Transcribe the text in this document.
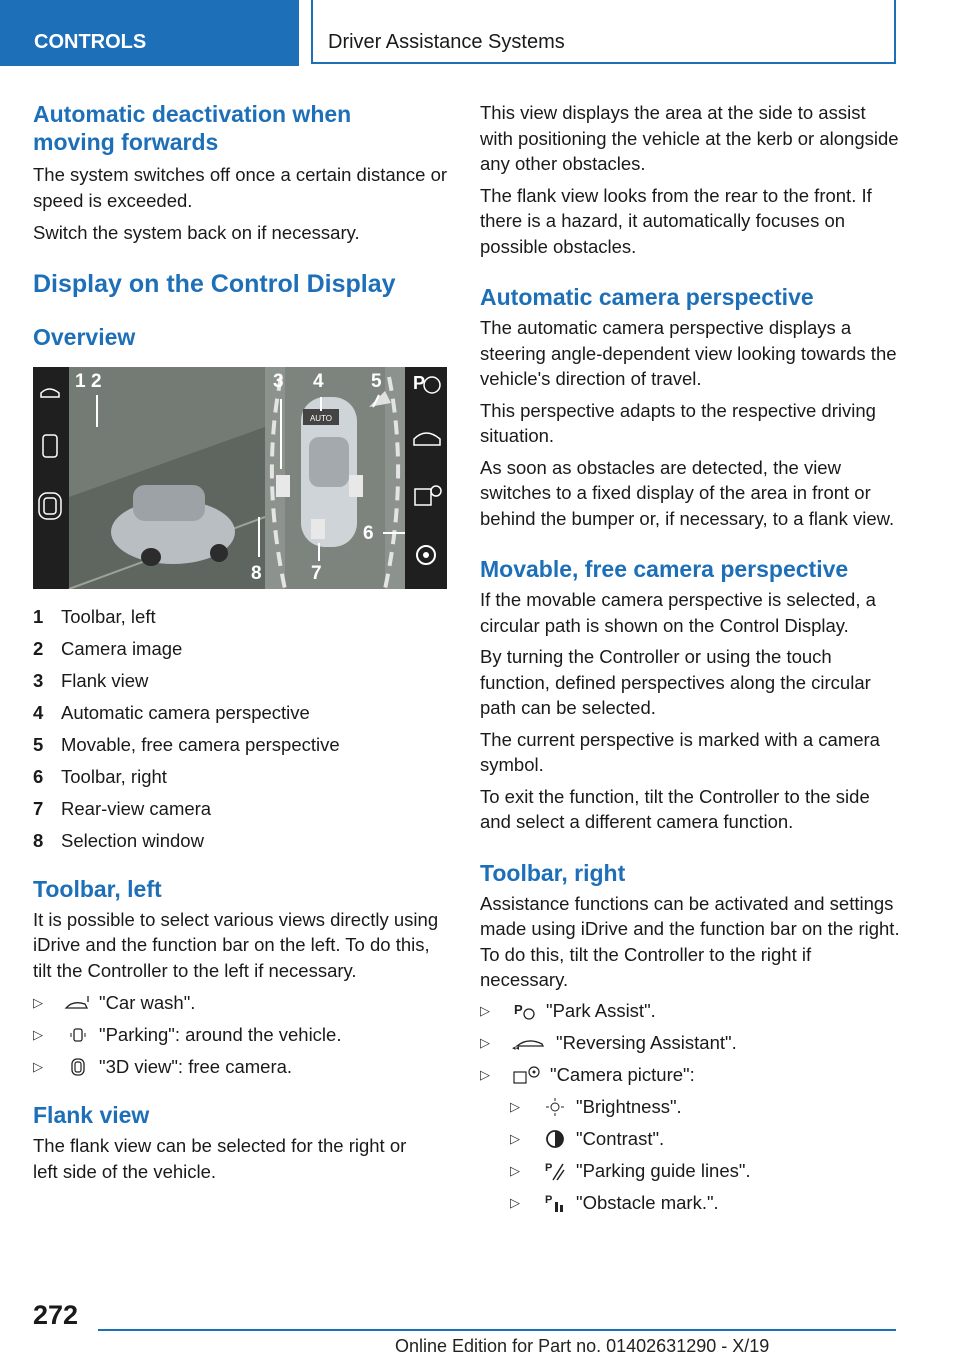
CONTROLS	Driver Assistance Systems
Automatic deactivation when moving forwards

The system switches off once a certain distance or speed is exceeded.

Switch the system back on if necessary.

Display on the Control Display
Overview
AUTO
P
1 2	3 4 5
6
7
8
1 Toolbar, left
2 Camera image
3 Flank view
4 Automatic camera perspective
5 Movable, free camera perspective
6 Toolbar, right
7 Rear-view camera
8 Selection window
Toolbar, left

It is possible to select various views directly using iDrive and the function bar on the left. To do this, tilt the Controller to the left if necessary.

▷	"Car wash".
▷	"Parking": around the vehicle.
▷	"3D view": free camera.
Flank view

The flank view can be selected for the right or left side of the vehicle.

This view displays the area at the side to assist with positioning the vehicle at the kerb or alongside any other obstacles.

The flank view looks from the rear to the front. If there is a hazard, it automatically focuses on possible obstacles.

Automatic camera perspective

The automatic camera perspective displays a steering angle-dependent view looking towards the vehicle's direction of travel.

This perspective adapts to the respective driving situation.

As soon as obstacles are detected, the view switches to a fixed display of the area in front or behind the bumper or, if necessary, to a flank view.

Movable, free camera perspective

If the movable camera perspective is selected, a circular path is shown on the Control Display.

By turning the Controller or using the touch function, defined perspectives along the circular path can be selected.

The current perspective is marked with a camera symbol.

To exit the function, tilt the Controller to the side and select a different camera function.

Toolbar, right

Assistance functions can be activated and settings made using iDrive and the function bar on the right. To do this, tilt the Controller to the right if necessary.

▷	P "Park Assist".
▷	◂◂ "Reversing Assistant".
▷	"Camera picture":
▷	"Brightness".
▷	"Contrast".
▷	P "Parking guide lines".
▷	P "Obstacle mark.".
272
Online Edition for Part no. 01402631290 - X/19
